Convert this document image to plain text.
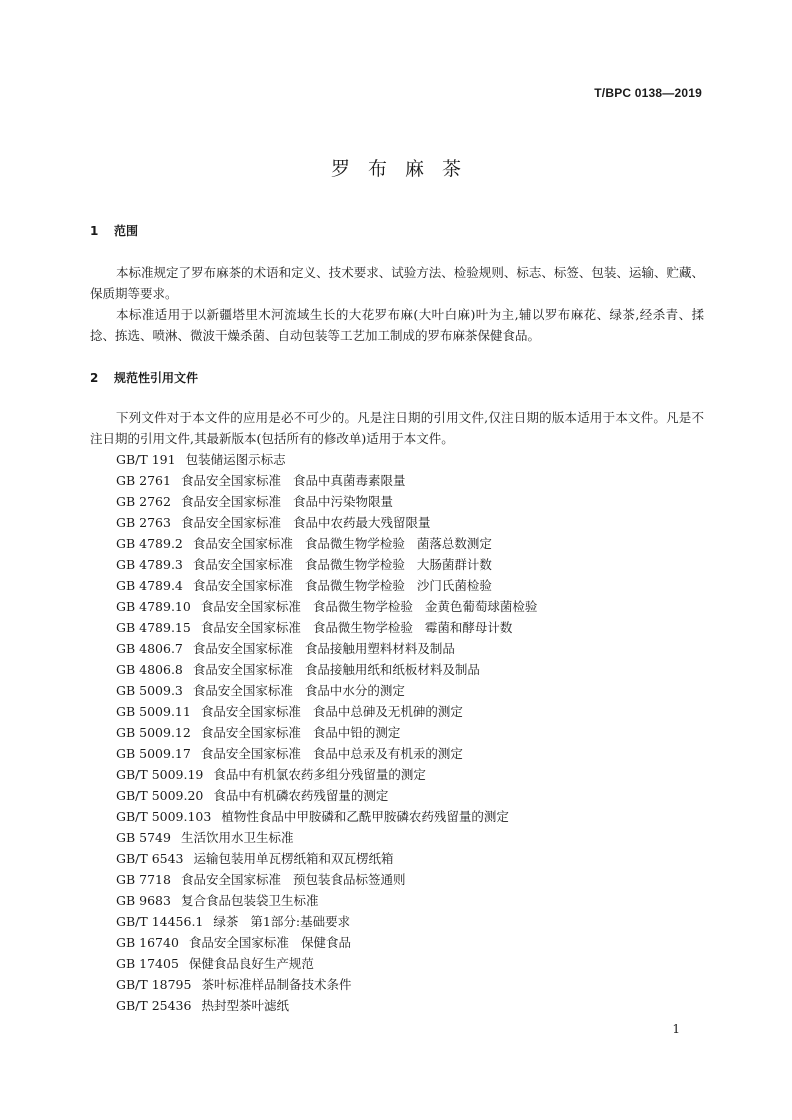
T/BPC 0138—2019
罗布麻茶
1 范围

本标准规定了罗布麻茶的术语和定义、技术要求、试验方法、检验规则、标志、标签、包装、运输、贮藏、保质期等要求。

本标准适用于以新疆塔里木河流域生长的大花罗布麻(大叶白麻)叶为主,辅以罗布麻花、绿茶,经杀青、揉捻、拣选、喷淋、微波干燥杀菌、自动包装等工艺加工制成的罗布麻茶保健食品。

2 规范性引用文件

下列文件对于本文件的应用是必不可少的。凡是注日期的引用文件,仅注日期的版本适用于本文件。凡是不注日期的引用文件,其最新版本(包括所有的修改单)适用于本文件。

GB/T 191 包装储运图示标志
GB 2761 食品安全国家标准 食品中真菌毒素限量
GB 2762 食品安全国家标准 食品中污染物限量
GB 2763 食品安全国家标准 食品中农药最大残留限量
GB 4789.2 食品安全国家标准 食品微生物学检验 菌落总数测定
GB 4789.3 食品安全国家标准 食品微生物学检验 大肠菌群计数
GB 4789.4 食品安全国家标准 食品微生物学检验 沙门氏菌检验
GB 4789.10 食品安全国家标准 食品微生物学检验 金黄色葡萄球菌检验
GB 4789.15 食品安全国家标准 食品微生物学检验 霉菌和酵母计数
GB 4806.7 食品安全国家标准 食品接触用塑料材料及制品
GB 4806.8 食品安全国家标准 食品接触用纸和纸板材料及制品
GB 5009.3 食品安全国家标准 食品中水分的测定
GB 5009.11 食品安全国家标准 食品中总砷及无机砷的测定
GB 5009.12 食品安全国家标准 食品中铅的测定
GB 5009.17 食品安全国家标准 食品中总汞及有机汞的测定
GB/T 5009.19 食品中有机氯农药多组分残留量的测定
GB/T 5009.20 食品中有机磷农药残留量的测定
GB/T 5009.103 植物性食品中甲胺磷和乙酰甲胺磷农药残留量的测定
GB 5749 生活饮用水卫生标准
GB/T 6543 运输包装用单瓦楞纸箱和双瓦楞纸箱
GB 7718 食品安全国家标准 预包装食品标签通则
GB 9683 复合食品包装袋卫生标准
GB/T 14456.1 绿茶 第1部分:基础要求
GB 16740 食品安全国家标准 保健食品
GB 17405 保健食品良好生产规范
GB/T 18795 茶叶标准样品制备技术条件
GB/T 25436 热封型茶叶滤纸
1
